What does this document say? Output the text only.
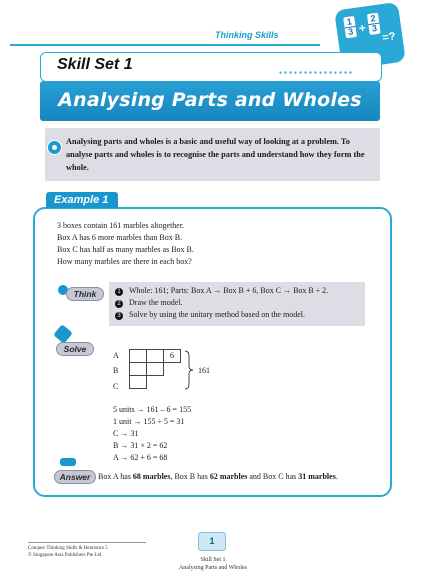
Thinking Skills	$\frac{1}{3} + \frac{2}{3}$
=?
Skill Set 1
Analysing Parts and Wholes
Analysing parts and wholes is a basic and useful way of looking at a problem. To analyse parts and wholes is to recognise the parts and understand how they form the whole.
Example 1
3 boxes contain 161 marbles altogether.
Box A has 6 more marbles than Box B.
Box C has half as many marbles as Box B.
How many marbles are there in each box?
Think	1 Whole: 161; Parts: Box A → Box B + 6, Box C → Box B ÷ 2.
2 Draw the model.
3 Solve by using the unitary method based on the model.
Solve
A
B
C
6
161
5 units → 161 – 6 = 155
1 unit → 155 ÷ 5 = 31
C → 31
B → 31 × 2 = 62
A → 62 + 6 = 68
Answer Box A has 68 marbles, Box B has 62 marbles and Box C has 31 marbles.
Conquer Thinking Skills & Heuristics 5
© Singapore Asia Publishers Pte Ltd
1
Skill Set 1
Analysing Parts and Wholes
